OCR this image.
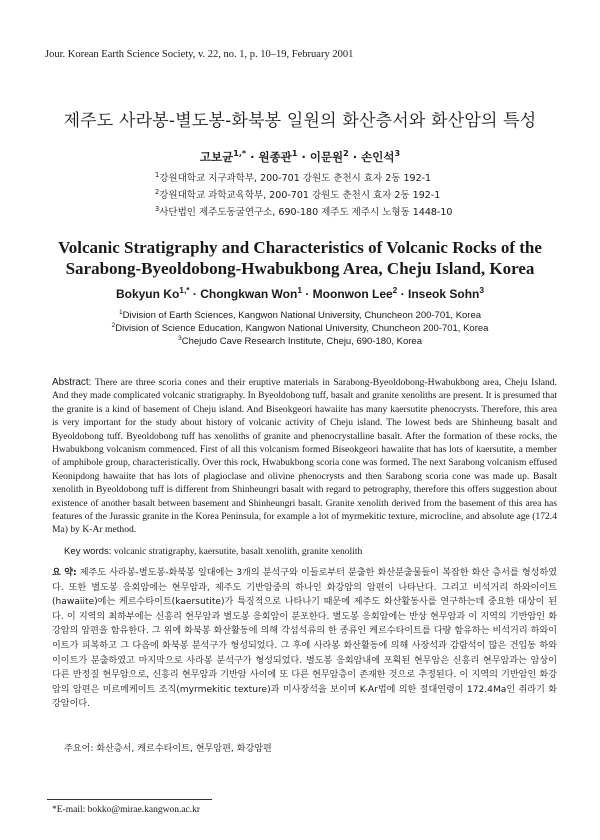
Jour. Korean Earth Science Society, v. 22, no. 1, p. 10–19, February 2001
제주도 사라봉-별도봉-화북봉 일원의 화산층서와 화산암의 특성
고보균$^{1,*}$ · 원종관$^1$ · 이문원$^2$ · 손인석$^3$
$^1$강원대학교 지구과학부, 200-701 강원도 춘천시 효자 2동 192-1
$^2$강원대학교 과학교육학부, 200-701 강원도 춘천시 효자 2동 192-1
$^3$사단법인 제주도동굴연구소, 690-180 제주도 제주시 노형동 1448-10
Volcanic Stratigraphy and Characteristics of Volcanic Rocks of the
Sarabong-Byeoldobong-Hwabukbong Area, Cheju Island, Korea
Bokyun $Ko^{1,*}$ · Chongkwan Won$^1$ · Moonwon Lee$^2$ · Inseok Sohn$^3$
$^1$Division of Earth Sciences, Kangwon National University, Chuncheon 200-701, Korea
$^2$Division of Science Education, Kangwon National University, Chuncheon 200-701, Korea
$^3$Chejudo Cave Research Institute, Cheju, 690-180, Korea
Abstract: There are three scoria cones and their eruptive materials in Sarabong-Byeoldobong-Hwabukbong area, Cheju Island. And they made complicated volcanic stratigraphy. In Byeoldobong tuff, basalt and granite xenoliths are present. It is presumed that the granite is a kind of basement of Cheju island. And Biseokgeori hawaiite has many kaersutite phenocrysts. Therefore, this area is very important for the study about history of volcanic activity of Cheju island. The lowest beds are Shinheung basalt and Byeoldobong tuff. Byeoldobong tuff has xenoliths of granite and phenocrystalline basalt. After the formation of these rocks, the Hwabukbong volcanism commenced. First of all this volcanism formed Biseokgeori hawaiite that has lots of kaersutite, a member of amphibole group, characteristically. Over this rock, Hwabukbong scoria cone was formed. The next Sarabong volcanism effused Keonipdong hawaiite that has lots of plagioclase and olivine phenocrysts and then Sarabong scoria cone was made up. Basalt xenolith in Byeoldobong tuff is different from Shinheungri basalt with regard to petrography, therefore this offers suggestion about existence of another basalt between basement and Shinheungri basalt. Granite xenolith derived from the basement of this area has features of the Jurassic granite in the Korea Peninsula, for example a lot of myrmekitic texture, microcline, and absolute age (172.4 Ma) by K-Ar method.
Key words: volcanic stratigraphy, kaersutite, basalt xenolith, granite xenolith
요 약: 제주도 사라봉-별도봉-화북봉 일대에는 3개의 분석구와 이들로부터 분출한 화산분출물들이 복잡한 화산 층서를 형성하였다. 또한 별도봉 응회암에는 현무암과, 제주도 기반암중의 하나인 화강암의 암편이 나타난다. 그리고 비석거리 하와이이트(hawaiite)에는 케르수타이트(kaersutite)가 특징적으로 나타나기 때문에 제주도 화산활동사를 연구하는데 중요한 대상이 된다. 이 지역의 최하부에는 신흥리 현무암과 별도봉 응회암이 분포한다. 별도봉 응회암에는 반상 현무암과 이 지역의 기반암인 화강암의 암편을 함유한다. 그 위에 화북봉 화산활동에 의해 각섬석류의 한 종류인 케르수타이트를 다량 함유하는 비석거리 하와이이트가 피복하고 그 다음에 화북봉 분석구가 형성되었다. 그 후에 사라봉 화산활동에 의해 사장석과 감람석이 많은 건입동 하와이이트가 분출하였고 마지막으로 사라봉 분석구가 형성되었다. 별도봉 응회암내에 포획된 현무암은 신흥리 현무암과는 암상이 다른 반정질 현무암으로, 신흥리 현무암과 기반암 사이에 또 다른 현무암층이 존재한 것으로 추정된다. 이 지역의 기반암인 화강암의 암편은 미르메케이트 조직(myrmekitic texture)과 미사장석을 보이며 K-Ar법에 의한 절대연령이 172.4Ma인 쥐라기 화강암이다.
주요어: 화산층서, 케르수타이트, 현무암편, 화강암편
*E-mail: bokko@mirae.kangwon.ac.kr
